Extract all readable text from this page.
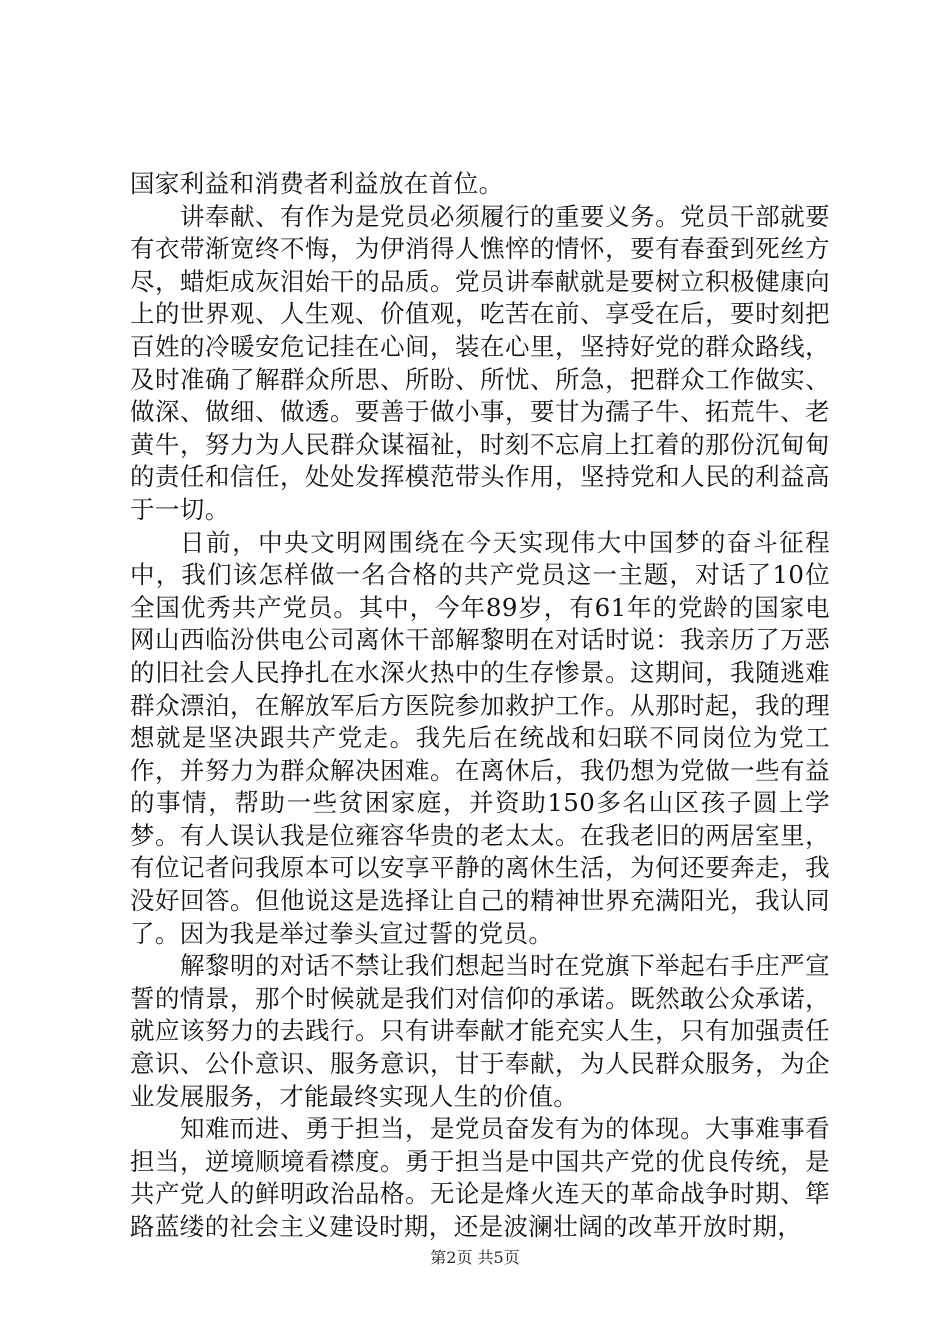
国家利益和消费者利益放在首位。

讲奉献、有作为是党员必须履行的重要义务。党员干部就要有衣带渐宽终不悔，为伊消得人憔悴的情怀，要有春蚕到死丝方尽，蜡炬成灰泪始干的品质。党员讲奉献就是要树立积极健康向上的世界观、人生观、价值观，吃苦在前、享受在后，要时刻把百姓的冷暖安危记挂在心间，装在心里，坚持好党的群众路线，及时准确了解群众所思、所盼、所忧、所急，把群众工作做实、做深、做细、做透。要善于做小事，要甘为孺子牛、拓荒牛、老黄牛，努力为人民群众谋福祉，时刻不忘肩上扛着的那份沉甸甸的责任和信任，处处发挥模范带头作用，坚持党和人民的利益高于一切。

日前，中央文明网围绕在今天实现伟大中国梦的奋斗征程中，我们该怎样做一名合格的共产党员这一主题，对话了10位全国优秀共产党员。其中，今年89岁，有61年的党龄的国家电网山西临汾供电公司离休干部解黎明在对话时说：我亲历了万恶的旧社会人民挣扎在水深火热中的生存惨景。这期间，我随逃难群众漂泊，在解放军后方医院参加救护工作。从那时起，我的理想就是坚决跟共产党走。我先后在统战和妇联不同岗位为党工作，并努力为群众解决困难。在离休后，我仍想为党做一些有益的事情，帮助一些贫困家庭，并资助150多名山区孩子圆上学梦。有人误认我是位雍容华贵的老太太。在我老旧的两居室里，有位记者问我原本可以安享平静的离休生活，为何还要奔走，我没好回答。但他说这是选择让自己的精神世界充满阳光，我认同了。因为我是举过拳头宣过誓的党员。

解黎明的对话不禁让我们想起当时在党旗下举起右手庄严宣誓的情景，那个时候就是我们对信仰的承诺。既然敢公众承诺，就应该努力的去践行。只有讲奉献才能充实人生，只有加强责任意识、公仆意识、服务意识，甘于奉献，为人民群众服务，为企业发展服务，才能最终实现人生的价值。

知难而进、勇于担当，是党员奋发有为的体现。大事难事看担当，逆境顺境看襟度。勇于担当是中国共产党的优良传统，是共产党人的鲜明政治品格。无论是烽火连天的革命战争时期、筚路蓝缕的社会主义建设时期，还是波澜壮阔的改革开放时期，

第2页 共5页
